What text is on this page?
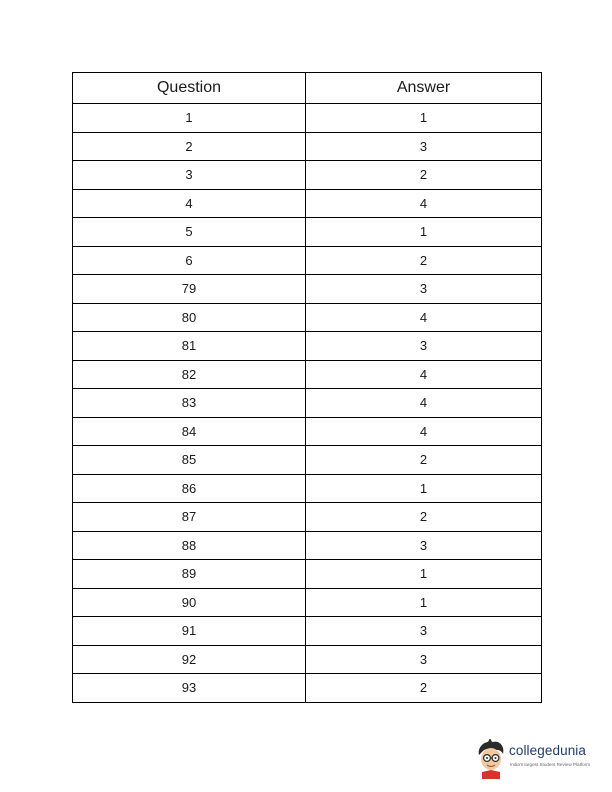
Question	Answer
1	1
2	3
3	2
4	4
5	1
6	2
79	3
80	4
81	3
82	4
83	4
84	4
85	2
86	1
87	2
88	3
89	1
90	1
91	3
92	3
93	2
collegedunia
India's largest Student Review Platform
